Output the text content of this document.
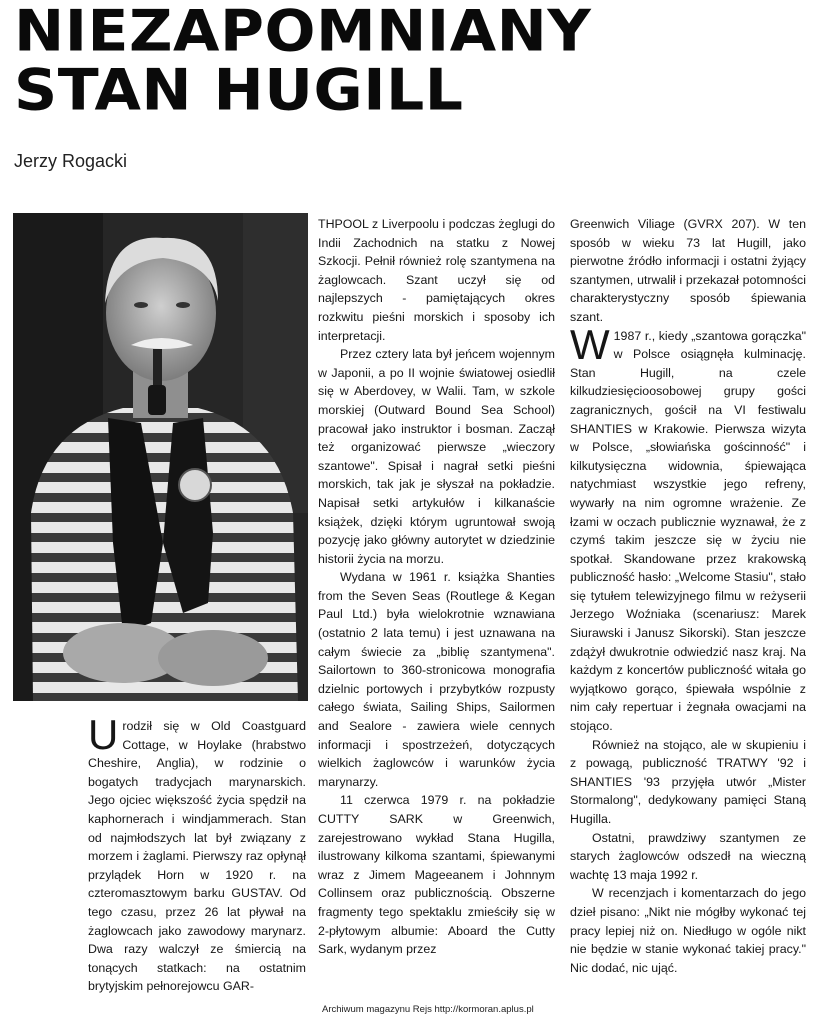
NIEZAPOMNIANY
STAN HUGILL
Jerzy Rogacki

Urodził się w Old Coastguard Cottage, w Hoylake (hrabstwo Cheshire, Anglia), w rodzinie o bogatych tradycjach marynarskich. Jego ojciec większość życia spędził na kaphornerach i windjammerach. Stan od najmłodszych lat był związany z morzem i żaglami. Pierwszy raz opłynął przylądek Horn w 1920 r. na czteromasztowym barku GUSTAV. Od tego czasu, przez 26 lat pływał na żaglowcach jako zawodowy marynarz. Dwa razy walczył ze śmiercią na tonących statkach: na ostatnim brytyjskim pełnorejowcu GAR-

THPOOL z Liverpoolu i podczas żeglugi do Indii Zachodnich na statku z Nowej Szkocji. Pełnił również rolę szantymena na żaglowcach. Szant uczył się od najlepszych - pamiętających okres rozkwitu pieśni morskich i sposoby ich interpretacji.

Przez cztery lata był jeńcem wojennym w Japonii, a po II wojnie światowej osiedlił się w Aberdovey, w Walii. Tam, w szkole morskiej (Outward Bound Sea School) pracował jako instruktor i bosman. Zaczął też organizować pierwsze „wieczory szantowe". Spisał i nagrał setki pieśni morskich, tak jak je słyszał na pokładzie. Napisał setki artykułów i kilkanaście książek, dzięki którym ugruntował swoją pozycję jako główny autorytet w dziedzinie historii życia na morzu.

Wydana w 1961 r. książka Shanties from the Seven Seas (Routlege & Kegan Paul Ltd.) była wielokrotnie wznawiana (ostatnio 2 lata temu) i jest uznawana na całym świecie za „biblię szantymena". Sailortown to 360-stronicowa monografia dzielnic portowych i przybytków rozpusty całego świata, Sailing Ships, Sailormen and Sealore - zawiera wiele cennych informacji i spostrzeżeń, dotyczących wielkich żaglowców i warunków życia marynarzy.

11 czerwca 1979 r. na pokładzie CUTTY SARK w Greenwich, zarejestrowano wykład Stana Hugilla, ilustrowany kilkoma szantami, śpiewanymi wraz z Jimem Mageeanem i Johnnym Collinsem oraz publicznością. Obszerne fragmenty tego spektaklu zmieściły się w 2-płytowym albumie: Aboard the Cutty Sark, wydanym przez

Greenwich Viliage (GVRX 207). W ten sposób w wieku 73 lat Hugill, jako pierwotne źródło informacji i ostatni żyjący szantymen, utrwalił i przekazał potomności charakterystyczny sposób śpiewania szant.

W 1987 r., kiedy „szantowa gorączka" w Polsce osiągnęła kulminację. Stan Hugill, na czele kilkudziesięcioosobowej grupy gości zagranicznych, gościł na VI festiwalu SHANTIES w Krakowie. Pierwsza wizyta w Polsce, „słowiańska gościnność" i kilkutysięczna widownia, śpiewająca natychmiast wszystkie jego refreny, wywarły na nim ogromne wrażenie. Ze łzami w oczach publicznie wyznawał, że z czymś takim jeszcze się w życiu nie spotkał. Skandowane przez krakowską publiczność hasło: „Welcome Stasiu", stało się tytułem telewizyjnego filmu w reżyserii Jerzego Woźniaka (scenariusz: Marek Siurawski i Janusz Sikorski). Stan jeszcze zdążył dwukrotnie odwiedzić nasz kraj. Na każdym z koncertów publiczność witała go wyjątkowo gorąco, śpiewała wspólnie z nim cały repertuar i żegnała owacjami na stojąco.

Również na stojąco, ale w skupieniu i z powagą, publiczność TRATWY '92 i SHANTIES '93 przyjęła utwór „Mister Stormalong", dedykowany pamięci Staną Hugilla.

Ostatni, prawdziwy szantymen ze starych żaglowców odszedł na wieczną wachtę 13 maja 1992 r.

W recenzjach i komentarzach do jego dzieł pisano: „Nikt nie mógłby wykonać tej pracy lepiej niż on. Niedługo w ogóle nikt nie będzie w stanie wykonać takiej pracy." Nic dodać, nic ująć.

Archiwum magazynu Rejs http://kormoran.aplus.pl
